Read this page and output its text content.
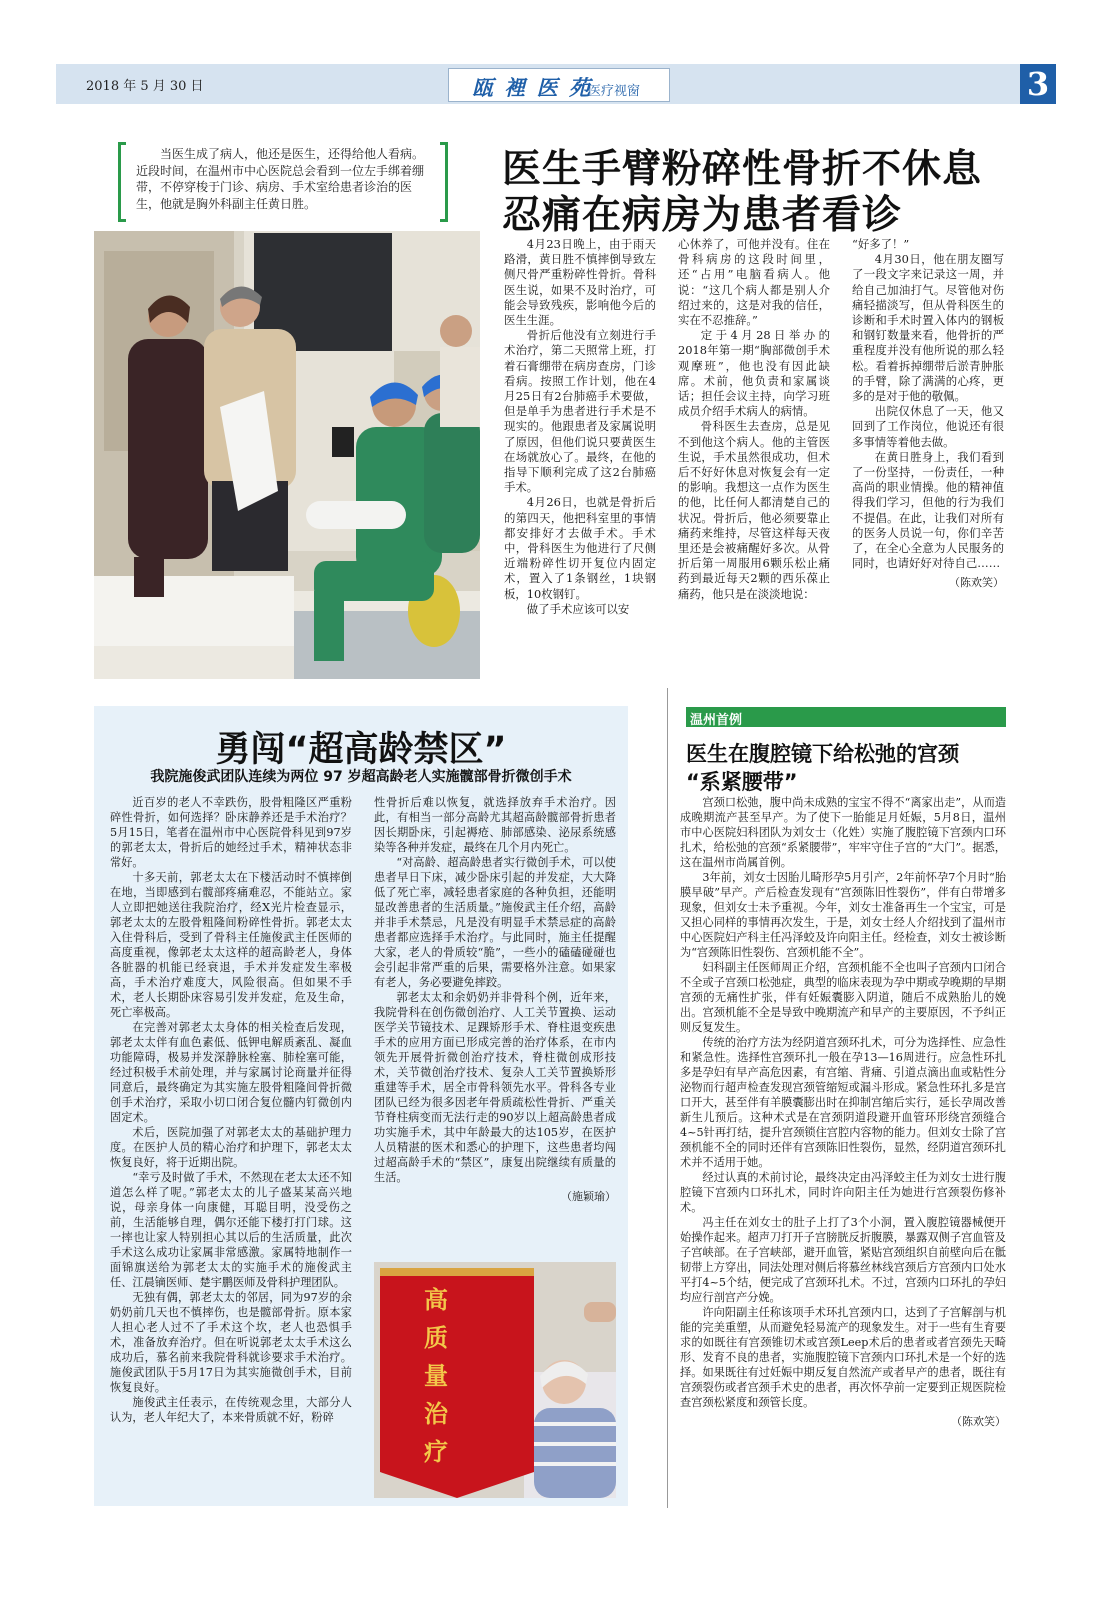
2018 年 5 月 30 日	瓯 裡 医 苑
医疗视窗	3

当医生成了病人，他还是医生，还得给他人看病。近段时间，在温州市中心医院总会看到一位左手绑着绷带，不停穿梭于门诊、病房、手术室给患者诊治的医生，他就是胸外科副主任黄日胜。

医生手臂粉碎性骨折不休息
忍痛在病房为患者看诊

4月23日晚上，由于雨天路滑，黄日胜不慎摔倒导致左侧尺骨严重粉碎性骨折。骨科医生说，如果不及时治疗，可能会导致残疾，影响他今后的医生生涯。

骨折后他没有立刻进行手术治疗，第二天照常上班，打着石膏绷带在病房查房，门诊看病。按照工作计划，他在4月25日有2台肺癌手术要做，但是单手为患者进行手术是不现实的。他跟患者及家属说明了原因，但他们说只要黄医生在场就放心了。最终，在他的指导下顺利完成了这2台肺癌手术。

4月26日，也就是骨折后的第四天，他把科室里的事情都安排好才去做手术。手术中，骨科医生为他进行了尺侧近端粉碎性切开复位内固定术，置入了1条钢丝，1块钢板，10枚钢钉。

做了手术应该可以安

心休养了，可他并没有。住在骨科病房的这段时间里，还“占用”电脑看病人。他说：“这几个病人都是别人介绍过来的，这是对我的信任，实在不忍推辞。”

定于4月28日举办的2018年第一期“胸部微创手术观摩班”，他也没有因此缺席。术前，他负责和家属谈话；担任会议主持，向学习班成员介绍手术病人的病情。

骨科医生去查房，总是见不到他这个病人。他的主管医生说，手术虽然很成功，但术后不好好休息对恢复会有一定的影响。我想这一点作为医生的他，比任何人都清楚自己的状况。骨折后，他必须要靠止痛药来维持，尽管这样每天夜里还是会被痛醒好多次。从骨折后第一周服用6颗乐松止痛药到最近每天2颗的西乐葆止痛药，他只是在淡淡地说：

“好多了！”

4月30日，他在朋友圈写了一段文字来记录这一周，并给自己加油打气。尽管他对伤痛轻描淡写，但从骨科医生的诊断和手术时置入体内的钢板和钢钉数量来看，他骨折的严重程度并没有他所说的那么轻松。看着拆掉绷带后淤青肿胀的手臂，除了满满的心疼，更多的是对于他的敬佩。

出院仅休息了一天，他又回到了工作岗位，他说还有很多事情等着他去做。

在黄日胜身上，我们看到了一份坚持，一份责任，一种高尚的职业情操。他的精神值得我们学习，但他的行为我们不提倡。在此，让我们对所有的医务人员说一句，你们辛苦了，在全心全意为人民服务的同时，也请好好对待自己……

（陈欢笑）
勇闯“超高龄禁区”
我院施俊武团队连续为两位 97 岁超高龄老人实施髋部骨折微创手术

近百岁的老人不幸跌伤，股骨粗隆区严重粉碎性骨折，如何选择？卧床静养还是手术治疗？5月15日，笔者在温州市中心医院骨科见到97岁的郭老太太，骨折后的她经过手术，精神状态非常好。

十多天前，郭老太太在下楼活动时不慎摔倒在地，当即感到右髋部疼痛难忍，不能站立。家人立即把她送往我院治疗，经X光片检查显示，郭老太太的左股骨粗隆间粉碎性骨折。郭老太太入住骨科后，受到了骨科主任施俊武主任医师的高度重视，像郭老太太这样的超高龄老人，身体各脏器的机能已经衰退，手术并发症发生率极高，手术治疗难度大，风险很高。但如果不手术，老人长期卧床容易引发并发症，危及生命，死亡率极高。

在完善对郭老太太身体的相关检查后发现，郭老太太伴有血色素低、低钾电解质紊乱、凝血功能障碍，极易并发深静脉栓塞、肺栓塞可能，经过积极手术前处理，并与家属讨论商量并征得同意后，最终确定为其实施左股骨粗隆间骨折微创手术治疗，采取小切口闭合复位髓内钉微创内固定术。

术后，医院加强了对郭老太太的基础护理力度。在医护人员的精心治疗和护理下，郭老太太恢复良好，将于近期出院。

“幸亏及时做了手术，不然现在老太太还不知道怎么样了呢。”郭老太太的儿子盛某某高兴地说，母亲身体一向康健，耳聪目明，没受伤之前，生活能够自理，偶尔还能下楼打打门球。这一摔也让家人特别担心其以后的生活质量，此次手术这么成功让家属非常感激。家属特地制作一面锦旗送给为郭老太太的实施手术的施俊武主任、江晨镝医师、楚宇鹏医师及骨科护理团队。

无独有偶，郭老太太的邻居，同为97岁的余奶奶前几天也不慎摔伤，也是髋部骨折。原本家人担心老人过不了手术这个坎，老人也恐惧手术，准备放弃治疗。但在听说郭老太太手术这么成功后，慕名前来我院骨科就诊要求手术治疗。施俊武团队于5月17日为其实施微创手术，目前恢复良好。

施俊武主任表示，在传统观念里，大部分人认为，老人年纪大了，本来骨质就不好，粉碎

性骨折后难以恢复，就选择放弃手术治疗。因此，有相当一部分高龄尤其超高龄髋部骨折患者因长期卧床，引起褥疮、肺部感染、泌尿系统感染等各种并发症，最终在几个月内死亡。

“对高龄、超高龄患者实行微创手术，可以使患者早日下床，减少卧床引起的并发症，大大降低了死亡率，减轻患者家庭的各种负担，还能明显改善患者的生活质量。”施俊武主任介绍，高龄并非手术禁忌，凡是没有明显手术禁忌症的高龄患者都应选择手术治疗。与此同时，施主任提醒大家，老人的骨质较“脆”，一些小的磕磕碰碰也会引起非常严重的后果，需要格外注意。如果家有老人，务必要避免摔跤。

郭老太太和余奶奶并非骨科个例，近年来，我院骨科在创伤微创治疗、人工关节置换、运动医学关节镜技术、足踝矫形手术、脊柱退变疾患手术的应用方面已形成完善的治疗体系，在市内领先开展骨折微创治疗技术，脊柱微创成形技术，关节微创治疗技术、复杂人工关节置换矫形重建等手术，居全市骨科领先水平。骨科各专业团队已经为很多因老年骨质疏松性骨折、严重关节脊柱病变而无法行走的90岁以上超高龄患者成功实施手术，其中年龄最大的达105岁，在医护人员精湛的医术和悉心的护理下，这些患者均闯过超高龄手术的“禁区”，康复出院继续有质量的生活。

（施颖瑜）
高
质
量
治
疗
温州首例
医生在腹腔镜下给松弛的宫颈
“系紧腰带”

宫颈口松弛，腹中尚未成熟的宝宝不得不“离家出走”，从而造成晚期流产甚至早产。为了使下一胎能足月妊娠，5月8日，温州市中心医院妇科团队为刘女士（化姓）实施了腹腔镜下宫颈内口环扎术，给松弛的宫颈“系紧腰带”，牢牢守住子宫的“大门”。据悉，这在温州市尚属首例。

3年前，刘女士因胎儿畸形孕5月引产，2年前怀孕7个月时“胎膜早破”早产。产后检查发现有“宫颈陈旧性裂伤”，伴有白带增多现象，但刘女士未予重视。今年，刘女士准备再生一个宝宝，可是又担心同样的事情再次发生，于是，刘女士经人介绍找到了温州市中心医院妇产科主任冯泽蛟及许向阳主任。经检查，刘女士被诊断为“宫颈陈旧性裂伤、宫颈机能不全”。

妇科副主任医师周正介绍，宫颈机能不全也叫子宫颈内口闭合不全或子宫颈口松弛症，典型的临床表现为孕中期或孕晚期的早期宫颈的无痛性扩张，伴有妊娠囊膨入阴道，随后不成熟胎儿的娩出。宫颈机能不全是导致中晚期流产和早产的主要原因，不予纠正则反复发生。

传统的治疗方法为经阴道宫颈环扎术，可分为选择性、应急性和紧急性。选择性宫颈环扎一般在孕13—16周进行。应急性环扎多是孕妇有早产高危因素，有宫缩、背痛、引道点滴出血或粘性分泌物而行超声检查发现宫颈管缩短或漏斗形成。紧急性环扎多是宫口开大，甚至伴有羊膜囊膨出时在抑制宫缩后实行，延长孕周改善新生儿预后。这种术式是在宫颈阴道段避开血管环形绕宫颈缝合4~5针再打结，提升宫颈锁住宫腔内容物的能力。但刘女士除了宫颈机能不全的同时还伴有宫颈陈旧性裂伤，显然，经阴道宫颈环扎术并不适用于她。

经过认真的术前讨论，最终决定由冯泽蛟主任为刘女士进行腹腔镜下宫颈内口环扎术，同时许向阳主任为她进行宫颈裂伤修补术。

冯主任在刘女士的肚子上打了3个小洞，置入腹腔镜器械便开始操作起来。超声刀打开子宫膀胱反折腹膜，暴露双侧子宫血管及子宫峡部。在子宫峡部，避开血管，紧贴宫颈组织自前壁向后在骶韧带上方穿出，同法处理对侧后将慕丝林线宫颈后方宫颈内口处水平打4~5个结，便完成了宫颈环扎术。不过，宫颈内口环扎的孕妇均应行剖宫产分娩。

许向阳副主任称该项手术环扎宫颈内口，达到了子宫解剖与机能的完美重塑，从而避免轻易流产的现象发生。对于一些有生育要求的如既往有宫颈锥切术或宫颈Leep术后的患者或者宫颈先天畸形、发育不良的患者，实施腹腔镜下宫颈内口环扎术是一个好的选择。如果既往有过妊娠中期反复自然流产或者早产的患者，既往有宫颈裂伤或者宫颈手术史的患者，再次怀孕前一定要到正规医院检查宫颈松紧度和颈管长度。

（陈欢笑）
